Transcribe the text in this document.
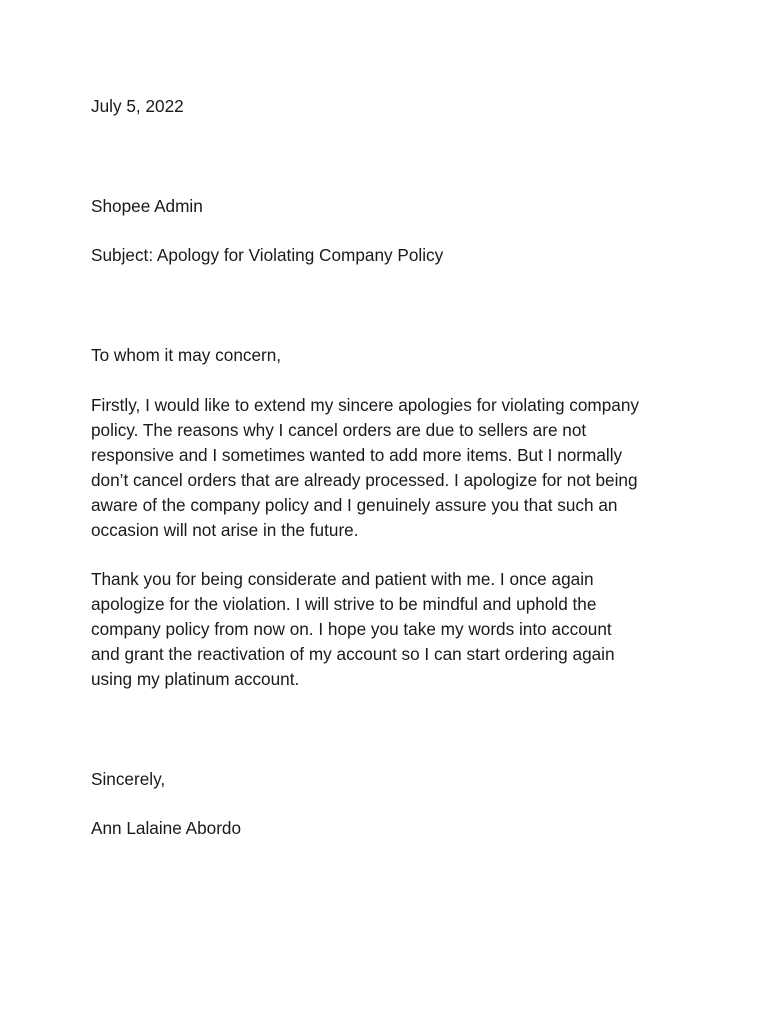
July 5, 2022

Shopee Admin

Subject: Apology for Violating Company Policy

To whom it may concern,

Firstly, I would like to extend my sincere apologies for violating company
policy. The reasons why I cancel orders are due to sellers are not
responsive and I sometimes wanted to add more items. But I normally
don’t cancel orders that are already processed. I apologize for not being
aware of the company policy and I genuinely assure you that such an
occasion will not arise in the future.
Thank you for being considerate and patient with me. I once again
apologize for the violation. I will strive to be mindful and uphold the
company policy from now on. I hope you take my words into account
and grant the reactivation of my account so I can start ordering again
using my platinum account.

Sincerely,

Ann Lalaine Abordo
